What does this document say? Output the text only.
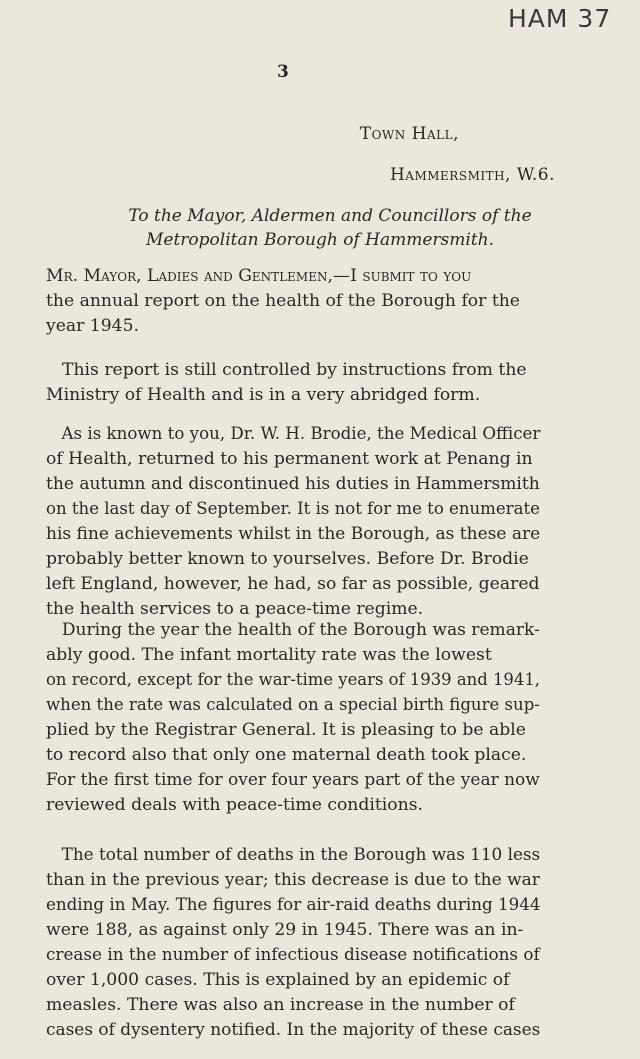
HAM 37
3
Town Hall,
Hammersmith, W.6.
To the Mayor, Aldermen and Councillors of the
Metropolitan Borough of Hammersmith.
Mr. Mayor, Ladies and Gentlemen,—I submit to you
the annual report on the health of the Borough for the
year 1945.
This report is still controlled by instructions from the
Ministry of Health and is in a very abridged form.
As is known to you, Dr. W. H. Brodie, the Medical Officer
of Health, returned to his permanent work at Penang in
the autumn and discontinued his duties in Hammersmith
on the last day of September. It is not for me to enumerate
his fine achievements whilst in the Borough, as these are
probably better known to yourselves. Before Dr. Brodie
left England, however, he had, so far as possible, geared
the health services to a peace-time regime.
During the year the health of the Borough was remark-
ably good. The infant mortality rate was the lowest
on record, except for the war-time years of 1939 and 1941,
when the rate was calculated on a special birth figure sup-
plied by the Registrar General. It is pleasing to be able
to record also that only one maternal death took place.
For the first time for over four years part of the year now
reviewed deals with peace-time conditions.
The total number of deaths in the Borough was 110 less
than in the previous year; this decrease is due to the war
ending in May. The figures for air-raid deaths during 1944
were 188, as against only 29 in 1945. There was an in-
crease in the number of infectious disease notifications of
over 1,000 cases. This is explained by an epidemic of
measles. There was also an increase in the number of
cases of dysentery notified. In the majority of these cases
